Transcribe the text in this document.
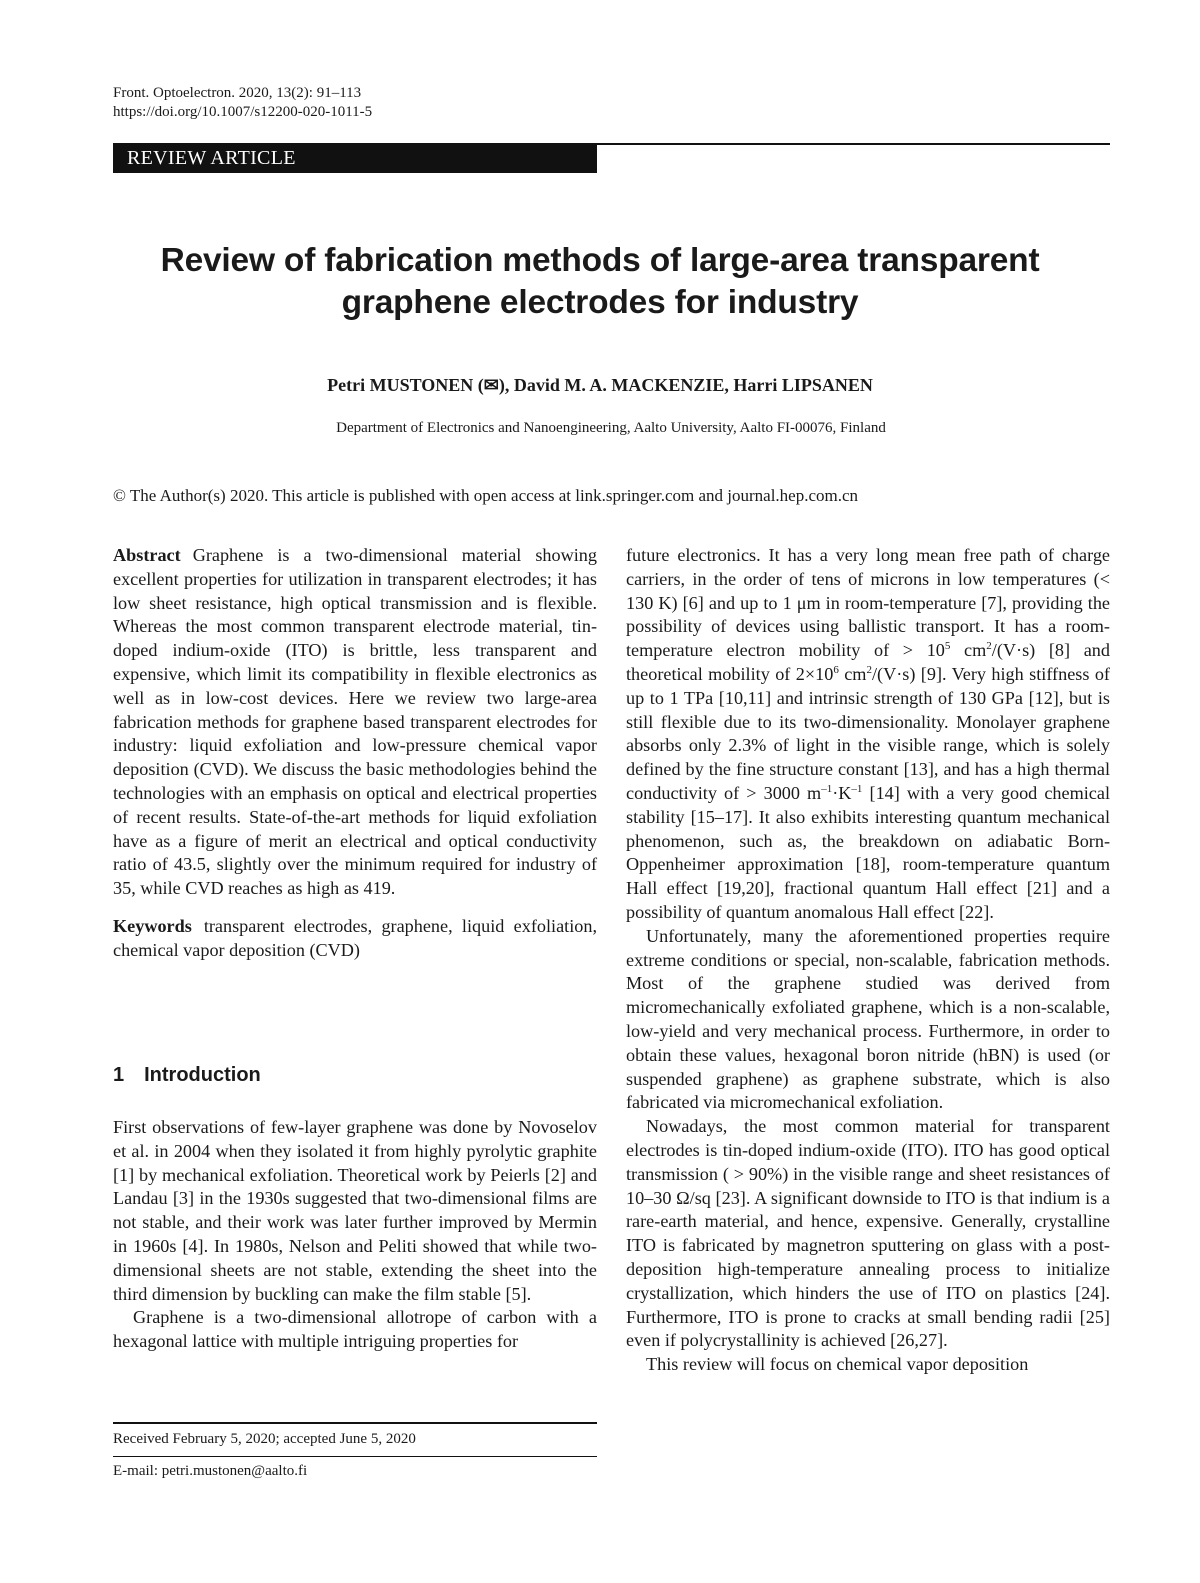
Front. Optoelectron. 2020, 13(2): 91–113
https://doi.org/10.1007/s12200-020-1011-5
REVIEW ARTICLE
Review of fabrication methods of large-area transparent
graphene electrodes for industry
Petri MUSTONEN (✉), David M. A. MACKENZIE, Harri LIPSANEN
Department of Electronics and Nanoengineering, Aalto University, Aalto FI-00076, Finland
© The Author(s) 2020. This article is published with open access at link.springer.com and journal.hep.com.cn

Abstract Graphene is a two-dimensional material showing excellent properties for utilization in transparent electrodes; it has low sheet resistance, high optical transmission and is flexible. Whereas the most common transparent electrode material, tin-doped indium-oxide (ITO) is brittle, less transparent and expensive, which limit its compatibility in flexible electronics as well as in low-cost devices. Here we review two large-area fabrication methods for graphene based transparent electrodes for industry: liquid exfoliation and low-pressure chemical vapor deposition (CVD). We discuss the basic methodologies behind the technologies with an emphasis on optical and electrical properties of recent results. State-of-the-art methods for liquid exfoliation have as a figure of merit an electrical and optical conductivity ratio of 43.5, slightly over the minimum required for industry of 35, while CVD reaches as high as 419.

Keywords transparent electrodes, graphene, liquid exfoliation, chemical vapor deposition (CVD)

1 Introduction

First observations of few-layer graphene was done by Novoselov et al. in 2004 when they isolated it from highly pyrolytic graphite [1] by mechanical exfoliation. Theoretical work by Peierls [2] and Landau [3] in the 1930s suggested that two-dimensional films are not stable, and their work was later further improved by Mermin in 1960s [4]. In 1980s, Nelson and Peliti showed that while two-dimensional sheets are not stable, extending the sheet into the third dimension by buckling can make the film stable [5].

Graphene is a two-dimensional allotrope of carbon with a hexagonal lattice with multiple intriguing properties for

future electronics. It has a very long mean free path of charge carriers, in the order of tens of microns in low temperatures (< 130 K) [6] and up to 1 μm in room-temperature [7], providing the possibility of devices using ballistic transport. It has a room-temperature electron mobility of > $10^5$ $cm^2/(V\cdot s)$ [8] and theoretical mobility of $2\times 10^6$ $cm^2/(V\cdot s)$ [9]. Very high stiffness of up to 1 TPa [10,11] and intrinsic strength of 130 GPa [12], but is still flexible due to its two-dimensionality. Monolayer graphene absorbs only 2.3% of light in the visible range, which is solely defined by the fine structure constant [13], and has a high thermal conductivity of > 3000 $m^{-1}\cdot K^{-1}$ [14] with a very good chemical stability [15–17]. It also exhibits interesting quantum mechanical phenomenon, such as, the breakdown on adiabatic Born-Oppenheimer approximation [18], room-temperature quantum Hall effect [19,20], fractional quantum Hall effect [21] and a possibility of quantum anomalous Hall effect [22].

Unfortunately, many the aforementioned properties require extreme conditions or special, non-scalable, fabrication methods. Most of the graphene studied was derived from micromechanically exfoliated graphene, which is a non-scalable, low-yield and very mechanical process. Furthermore, in order to obtain these values, hexagonal boron nitride (hBN) is used (or suspended graphene) as graphene substrate, which is also fabricated via micromechanical exfoliation.

Nowadays, the most common material for transparent electrodes is tin-doped indium-oxide (ITO). ITO has good optical transmission ( > 90%) in the visible range and sheet resistances of 10–30 Ω/sq [23]. A significant downside to ITO is that indium is a rare-earth material, and hence, expensive. Generally, crystalline ITO is fabricated by magnetron sputtering on glass with a post-deposition high-temperature annealing process to initialize crystallization, which hinders the use of ITO on plastics [24]. Furthermore, ITO is prone to cracks at small bending radii [25] even if polycrystallinity is achieved [26,27].

This review will focus on chemical vapor deposition

Received February 5, 2020; accepted June 5, 2020
E-mail: petri.mustonen@aalto.fi
